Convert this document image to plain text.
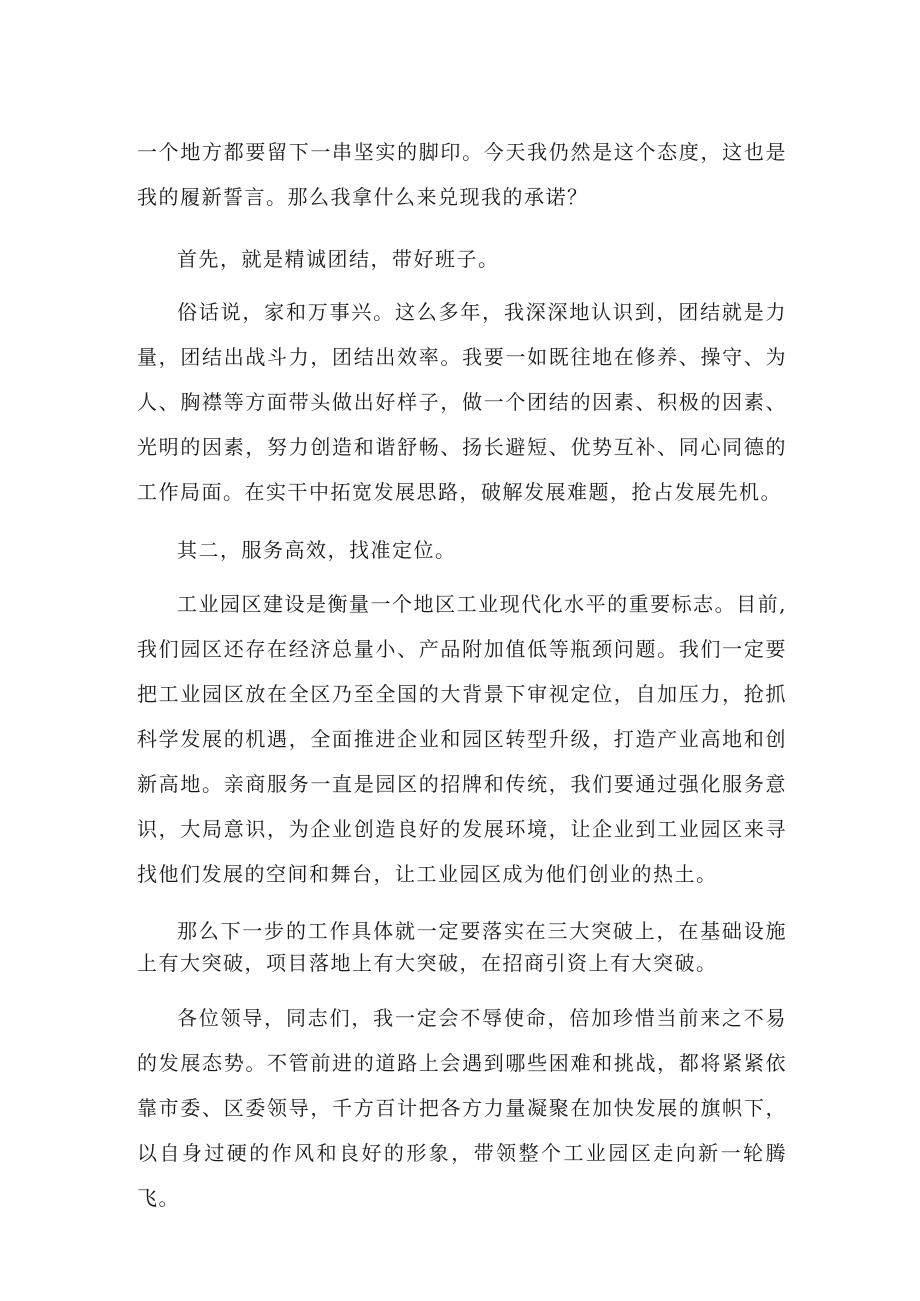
一个地方都要留下一串坚实的脚印。今天我仍然是这个态度，这也是我的履新誓言。那么我拿什么来兑现我的承诺？

首先，就是精诚团结，带好班子。

俗话说，家和万事兴。这么多年，我深深地认识到，团结就是力量，团结出战斗力，团结出效率。我要一如既往地在修养、操守、为人、胸襟等方面带头做出好样子，做一个团结的因素、积极的因素、光明的因素，努力创造和谐舒畅、扬长避短、优势互补、同心同德的工作局面。在实干中拓宽发展思路，破解发展难题，抢占发展先机。

其二，服务高效，找准定位。

工业园区建设是衡量一个地区工业现代化水平的重要标志。目前,我们园区还存在经济总量小、产品附加值低等瓶颈问题。我们一定要把工业园区放在全区乃至全国的大背景下审视定位，自加压力，抢抓科学发展的机遇，全面推进企业和园区转型升级，打造产业高地和创新高地。亲商服务一直是园区的招牌和传统，我们要通过强化服务意识，大局意识，为企业创造良好的发展环境，让企业到工业园区来寻找他们发展的空间和舞台，让工业园区成为他们创业的热土。

那么下一步的工作具体就一定要落实在三大突破上，在基础设施上有大突破，项目落地上有大突破，在招商引资上有大突破。

各位领导，同志们，我一定会不辱使命，倍加珍惜当前来之不易的发展态势。不管前进的道路上会遇到哪些困难和挑战，都将紧紧依靠市委、区委领导，千方百计把各方力量凝聚在加快发展的旗帜下，以自身过硬的作风和良好的形象，带领整个工业园区走向新一轮腾飞。
